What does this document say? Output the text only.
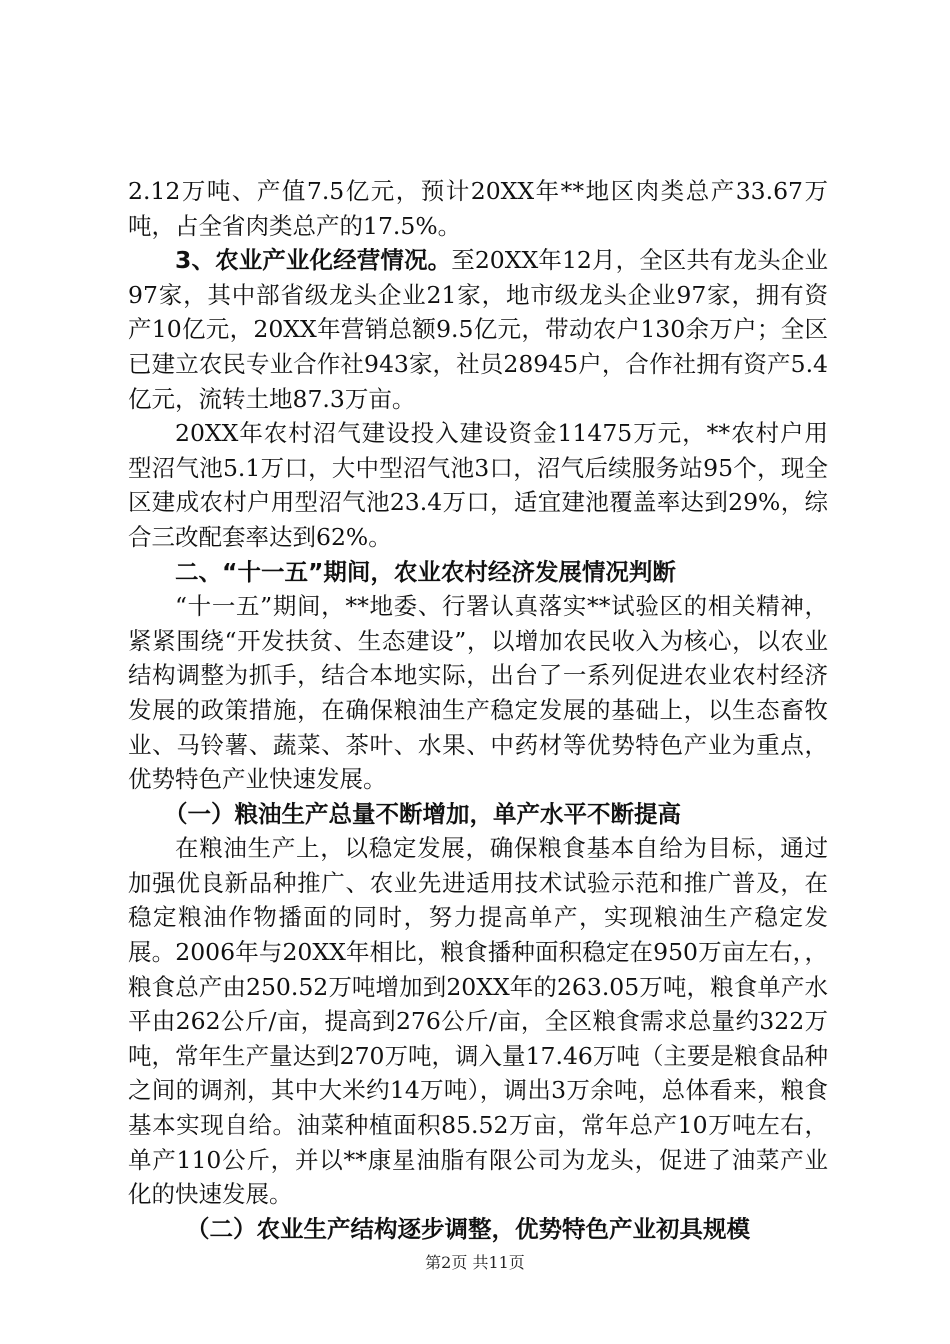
2.12万吨、产值7.5亿元，预计20XX年**地区肉类总产33.67万吨，占全省肉类总产的17.5%。

3、农业产业化经营情况。至20XX年12月，全区共有龙头企业97家，其中部省级龙头企业21家，地市级龙头企业97家，拥有资产10亿元，20XX年营销总额9.5亿元，带动农户130余万户；全区已建立农民专业合作社943家，社员28945户，合作社拥有资产5.4亿元，流转土地87.3万亩。

20XX年农村沼气建设投入建设资金11475万元，**农村户用型沼气池5.1万口，大中型沼气池3口，沼气后续服务站95个，现全区建成农村户用型沼气池23.4万口，适宜建池覆盖率达到29%，综合三改配套率达到62%。

二、“十一五”期间，农业农村经济发展情况判断

“十一五”期间，**地委、行署认真落实**试验区的相关精神，紧紧围绕“开发扶贫、生态建设”，以增加农民收入为核心，以农业结构调整为抓手，结合本地实际，出台了一系列促进农业农村经济发展的政策措施，在确保粮油生产稳定发展的基础上，以生态畜牧业、马铃薯、蔬菜、茶叶、水果、中药材等优势特色产业为重点，优势特色产业快速发展。

（一）粮油生产总量不断增加，单产水平不断提高

在粮油生产上，以稳定发展，确保粮食基本自给为目标，通过加强优良新品种推广、农业先进适用技术试验示范和推广普及，在稳定粮油作物播面的同时，努力提高单产，实现粮油生产稳定发展。2006年与20XX年相比，粮食播种面积稳定在950万亩左右，，粮食总产由250.52万吨增加到20XX年的263.05万吨，粮食单产水平由262公斤/亩，提高到276公斤/亩，全区粮食需求总量约322万吨，常年生产量达到270万吨，调入量17.46万吨（主要是粮食品种之间的调剂，其中大米约14万吨），调出3万余吨，总体看来，粮食基本实现自给。油菜种植面积85.52万亩，常年总产10万吨左右，单产110公斤，并以**康星油脂有限公司为龙头，促进了油菜产业化的快速发展。

（二）农业生产结构逐步调整，优势特色产业初具规模

第2页 共11页
